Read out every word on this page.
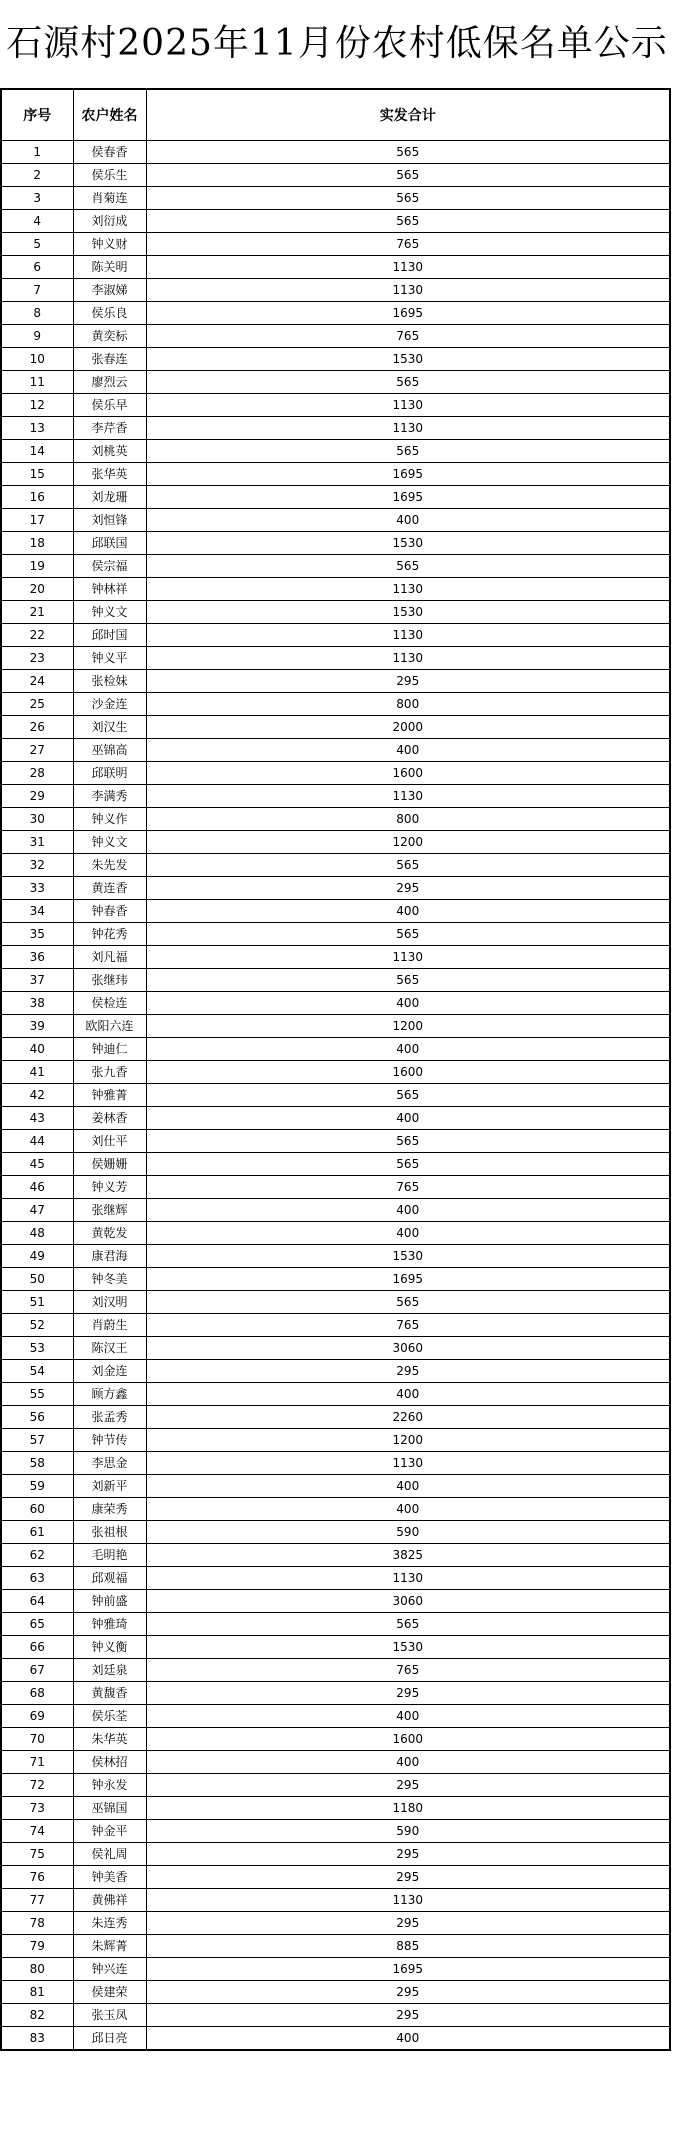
石源村2025年11月份农村低保名单公示
序号	农户姓名	实发合计
1	侯春香	565
2	侯乐生	565
3	肖菊连	565
4	刘衍成	565
5	钟义财	765
6	陈关明	1130
7	李淑娣	1130
8	侯乐良	1695
9	黄奕标	765
10	张春连	1530
11	廖烈云	565
12	侯乐早	1130
13	李芹香	1130
14	刘桃英	565
15	张华英	1695
16	刘龙珊	1695
17	刘恒锋	400
18	邱联国	1530
19	侯宗福	565
20	钟林祥	1130
21	钟义文	1530
22	邱时国	1130
23	钟义平	1130
24	张检妹	295
25	沙金连	800
26	刘汉生	2000
27	巫锦高	400
28	邱联明	1600
29	李满秀	1130
30	钟义作	800
31	钟义文	1200
32	朱先发	565
33	黄连香	295
34	钟春香	400
35	钟花秀	565
36	刘凡福	1130
37	张继玮	565
38	侯检连	400
39	欧阳六连	1200
40	钟迪仁	400
41	张九香	1600
42	钟雅菁	565
43	姜林香	400
44	刘仕平	565
45	侯姗姗	565
46	钟义芳	765
47	张继辉	400
48	黄乾发	400
49	康君海	1530
50	钟冬美	1695
51	刘汉明	565
52	肖蔚生	765
53	陈汉王	3060
54	刘金连	295
55	顾方鑫	400
56	张孟秀	2260
57	钟节传	1200
58	李思金	1130
59	刘新平	400
60	康荣秀	400
61	张祖根	590
62	毛明艳	3825
63	邱观福	1130
64	钟前盛	3060
65	钟雅琦	565
66	钟义衡	1530
67	刘廷泉	765
68	黄馥香	295
69	侯乐荃	400
70	朱华英	1600
71	侯林招	400
72	钟永发	295
73	巫锦国	1180
74	钟金平	590
75	侯礼周	295
76	钟美香	295
77	黄佛祥	1130
78	朱连秀	295
79	朱辉菁	885
80	钟兴连	1695
81	侯建荣	295
82	张玉凤	295
83	邱日亮	400
